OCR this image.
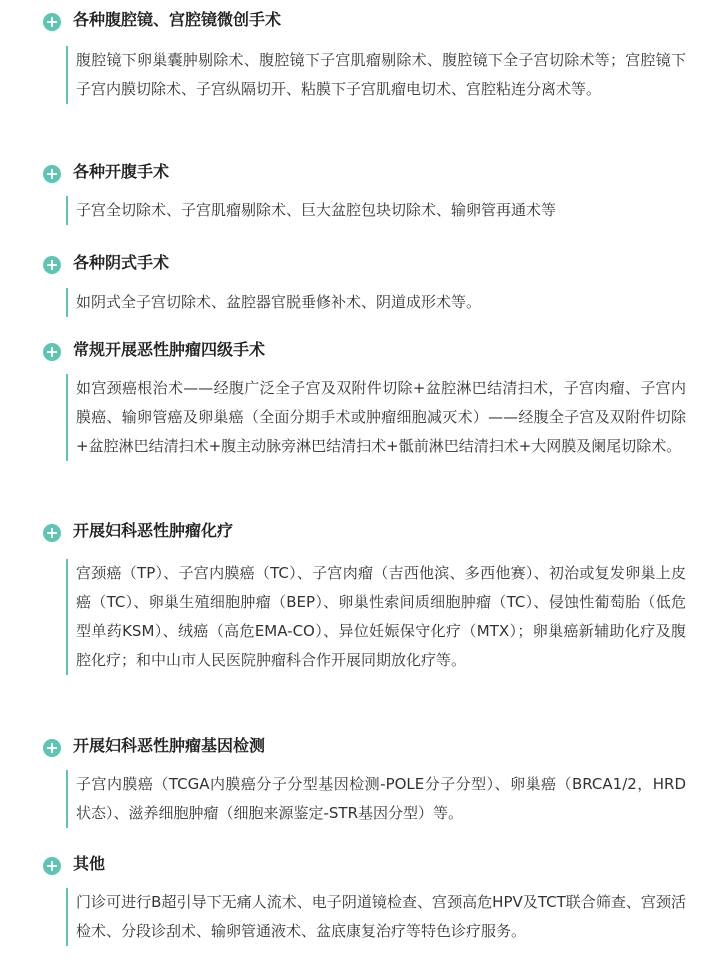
各种腹腔镜、宫腔镜微创手术

腹腔镜下卵巢囊肿剔除术、腹腔镜下子宫肌瘤剔除术、腹腔镜下全子宫切除术等；宫腔镜下子宫内膜切除术、子宫纵隔切开、粘膜下子宫肌瘤电切术、宫腔粘连分离术等。

各种开腹手术

子宫全切除术、子宫肌瘤剔除术、巨大盆腔包块切除术、输卵管再通术等

各种阴式手术

如阴式全子宫切除术、盆腔器官脱垂修补术、阴道成形术等。

常规开展恶性肿瘤四级手术

如宫颈癌根治术——经腹广泛全子宫及双附件切除+盆腔淋巴结清扫术，子宫肉瘤、子宫内膜癌、输卵管癌及卵巢癌（全面分期手术或肿瘤细胞减灭术）——经腹全子宫及双附件切除+盆腔淋巴结清扫术+腹主动脉旁淋巴结清扫术+骶前淋巴结清扫术+大网膜及阑尾切除术。

开展妇科恶性肿瘤化疗

宫颈癌（TP）、子宫内膜癌（TC）、子宫肉瘤（吉西他滨、多西他赛）、初治或复发卵巢上皮癌（TC）、卵巢生殖细胞肿瘤（BEP）、卵巢性索间质细胞肿瘤（TC）、侵蚀性葡萄胎（低危型单药KSM）、绒癌（高危EMA-CO）、异位妊娠保守化疗（MTX）；卵巢癌新辅助化疗及腹腔化疗；和中山市人民医院肿瘤科合作开展同期放化疗等。

开展妇科恶性肿瘤基因检测

子宫内膜癌（TCGA内膜癌分子分型基因检测-POLE分子分型）、卵巢癌（BRCA1/2，HRD状态）、滋养细胞肿瘤（细胞来源鉴定-STR基因分型）等。

其他

门诊可进行B超引导下无痛人流术、电子阴道镜检查、宫颈高危HPV及TCT联合筛查、宫颈活检术、分段诊刮术、输卵管通液术、盆底康复治疗等特色诊疗服务。
